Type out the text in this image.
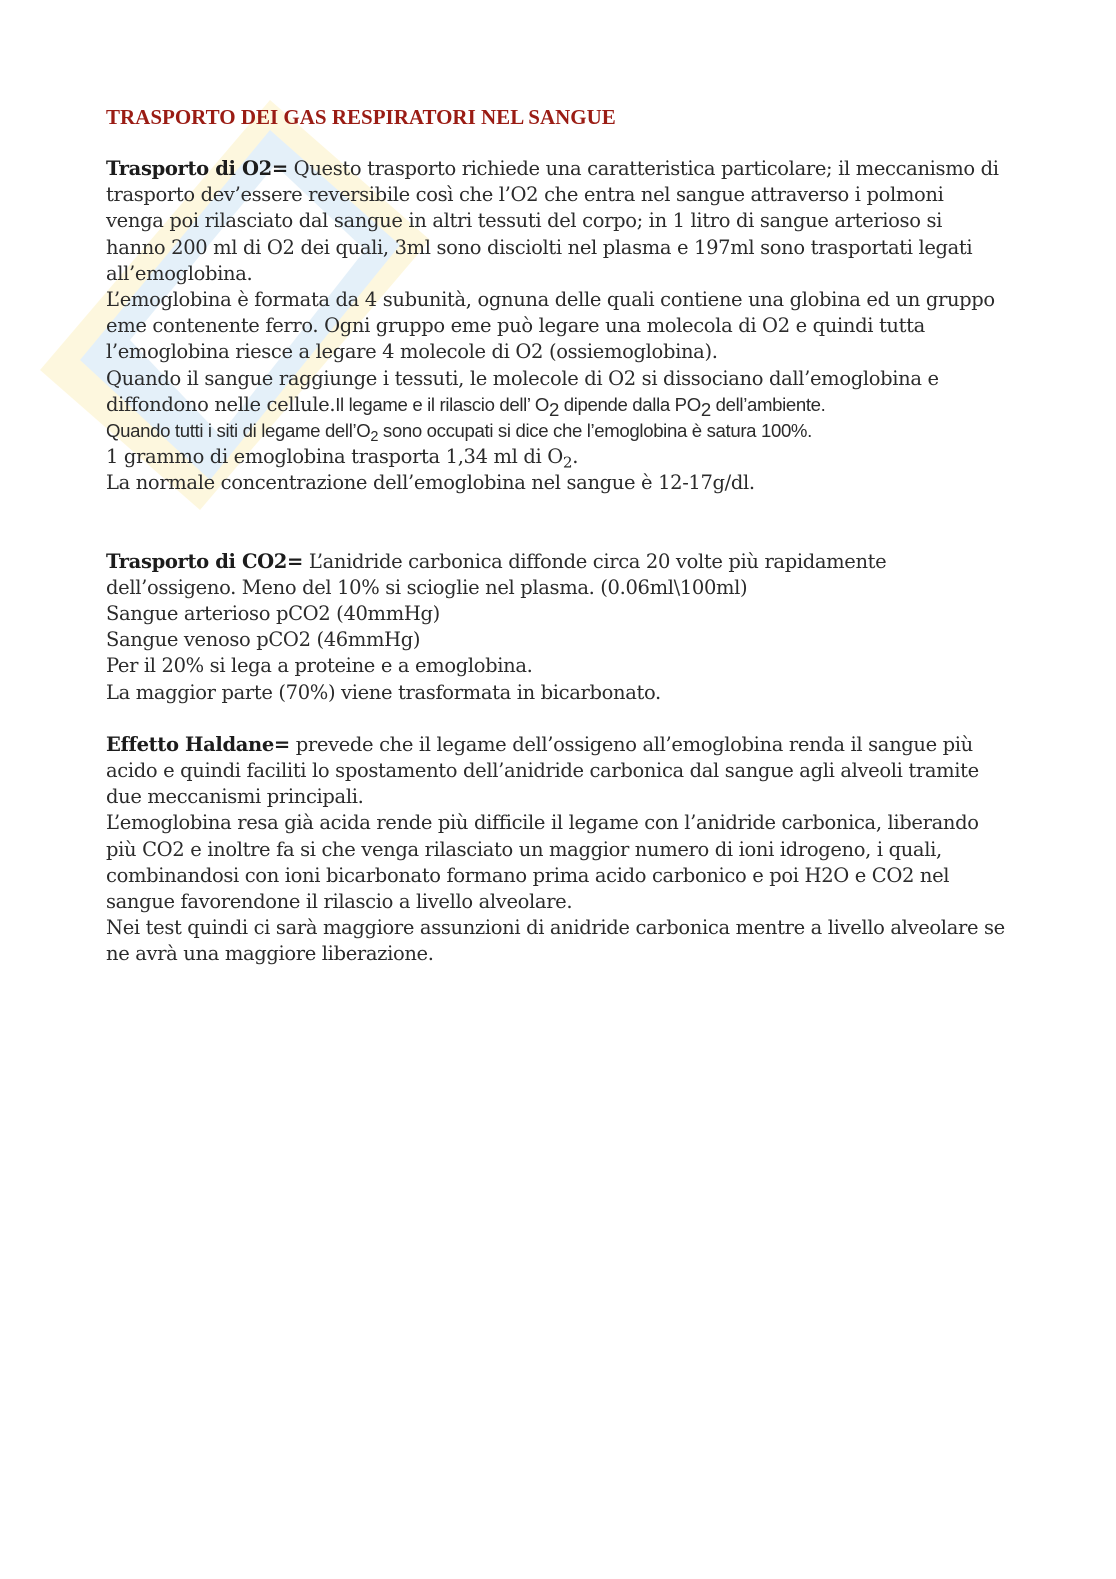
TRASPORTO DEI GAS RESPIRATORI NEL SANGUE

Trasporto di O2= Questo trasporto richiede una caratteristica particolare; il meccanismo di trasporto dev’essere reversibile così che l’O2 che entra nel sangue attraverso i polmoni venga poi rilasciato dal sangue in altri tessuti del corpo; in 1 litro di sangue arterioso si hanno 200 ml di O2 dei quali, 3ml sono disciolti nel plasma e 197ml sono trasportati legati all’emoglobina.

L’emoglobina è formata da 4 subunità, ognuna delle quali contiene una globina ed un gruppo eme contenente ferro. Ogni gruppo eme può legare una molecola di O2 e quindi tutta l’emoglobina riesce a legare 4 molecole di O2 (ossiemoglobina).

Quando il sangue raggiunge i tessuti, le molecole di O2 si dissociano dall’emoglobina e diffondono nelle cellule.Il legame e il rilascio dell’ $O_2$ dipende dalla $PO_2$ dell’ambiente.

Quando tutti i siti di legame $dell’O_2$ sono occupati si dice che l’emoglobina è satura 100%.

1 grammo di emoglobina trasporta 1,34 ml di $O_2$.

La normale concentrazione dell’emoglobina nel sangue è 12-17g/dl.

Trasporto di CO2= L’anidride carbonica diffonde circa 20 volte più rapidamente dell’ossigeno. Meno del 10% si scioglie nel plasma. (0.06ml\100ml)

Sangue arterioso pCO2 (40mmHg)

Sangue venoso pCO2 (46mmHg)

Per il 20% si lega a proteine e a emoglobina.

La maggior parte (70%) viene trasformata in bicarbonato.

Effetto Haldane= prevede che il legame dell’ossigeno all’emoglobina renda il sangue più acido e quindi faciliti lo spostamento dell’anidride carbonica dal sangue agli alveoli tramite due meccanismi principali.

L’emoglobina resa già acida rende più difficile il legame con l’anidride carbonica, liberando più CO2 e inoltre fa si che venga rilasciato un maggior numero di ioni idrogeno, i quali, combinandosi con ioni bicarbonato formano prima acido carbonico e poi H2O e CO2 nel sangue favorendone il rilascio a livello alveolare.

Nei test quindi ci sarà maggiore assunzioni di anidride carbonica mentre a livello alveolare se ne avrà una maggiore liberazione.
